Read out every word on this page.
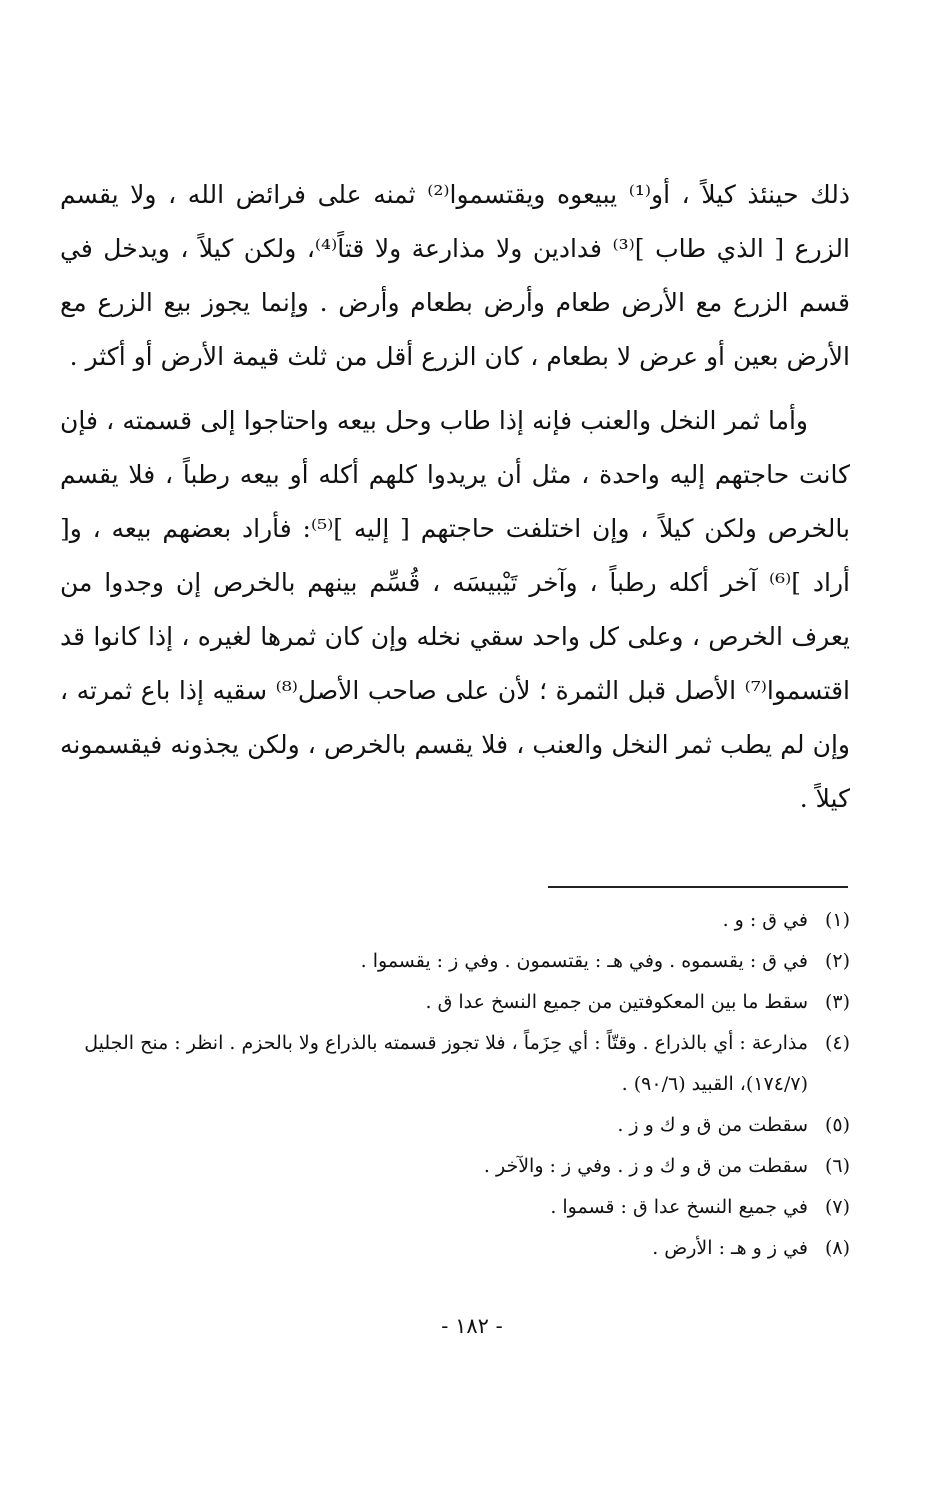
ذلك حينئذ كيلاً ، أو⁽¹⁾ يبيعوه ويقتسموا⁽²⁾ ثمنه على فرائض الله ، ولا يقسم الزرع [ الذي طاب ]⁽³⁾ فدادين ولا مذارعة ولا قتاً⁽⁴⁾، ولكن كيلاً ، ويدخل في قسم الزرع مع الأرض طعام وأرض بطعام وأرض . وإنما يجوز بيع الزرع مع الأرض بعين أو عرض لا بطعام ، كان الزرع أقل من ثلث قيمة الأرض أو أكثر .

وأما ثمر النخل والعنب فإنه إذا طاب وحل بيعه واحتاجوا إلى قسمته ، فإن كانت حاجتهم إليه واحدة ، مثل أن يريدوا كلهم أكله أو بيعه رطباً ، فلا يقسم بالخرص ولكن كيلاً ، وإن اختلفت حاجتهم [ إليه ]⁽⁵⁾: فأراد بعضهم بيعه ، و[ أراد ]⁽⁶⁾ آخر أكله رطباً ، وآخر تَيْبيسَه ، قُسِّم بينهم بالخرص إن وجدوا من يعرف الخرص ، وعلى كل واحد سقي نخله وإن كان ثمرها لغيره ، إذا كانوا قد اقتسموا⁽⁷⁾ الأصل قبل الثمرة ؛ لأن على صاحب الأصل⁽⁸⁾ سقيه إذا باع ثمرته ، وإن لم يطب ثمر النخل والعنب ، فلا يقسم بالخرص ، ولكن يجذونه فيقسمونه كيلاً .

(١)
في ق : و .
(٢)
في ق : يقسموه . وفي هـ : يقتسمون . وفي ز : يقسموا .
(٣)
سقط ما بين المعكوفتين من جميع النسخ عدا ق .
(٤)
مذارعة : أي بالذراع . وقتّاً : أي حِزَماً ، فلا تجوز قسمته بالذراع ولا بالحزم . انظر : منح الجليل (١٧٤/٧)، القبيد (٩٠/٦) .
(٥)
سقطت من ق و ك و ز .
(٦)
سقطت من ق و ك و ز . وفي ز : والآخر .
(٧)
في جميع النسخ عدا ق : قسموا .
(٨)
في ز و هـ : الأرض .
- ١٨٢ -
